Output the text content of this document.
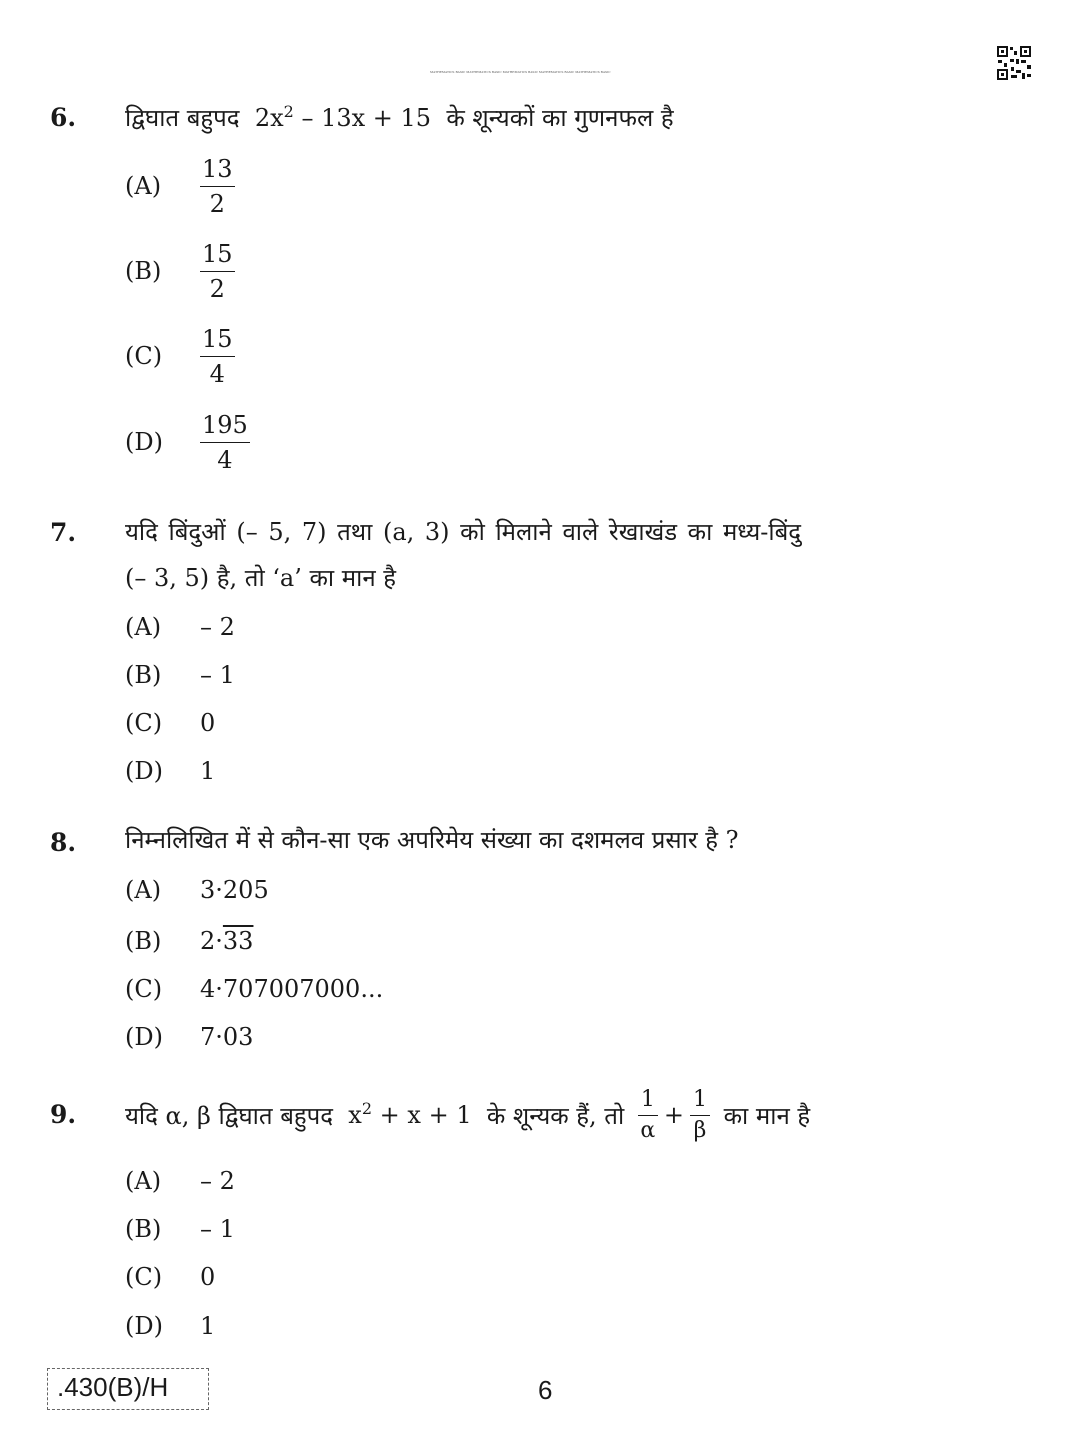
MATHEMATICS BASIC MATHEMATICS BASIC MATHEMATICS BASIC MATHEMATICS BASIC MATHEMATICS BASIC
6. द्विघात बहुपद $2x^2 - 13x + 15$ के शून्यकों का गुणनफल है
$(A) \frac{13}{2}$
$(B) \frac{15}{2}$
$(C) \frac{15}{4}$
$(D) \frac{195}{4}$
7. यदि बिंदुओं (– 5, 7) तथा (a, 3) को मिलाने वाले रेखाखंड का मध्य-बिंदु
(– 3, 5) है, तो ‘a’ का मान है
(A) – 2
(B) – 1
(C) 0
(D) 1
8. निम्नलिखित में से कौन-सा एक अपरिमेय संख्या का दशमलव प्रसार है ?
(A) 3·205
(B) 2·33
(C) 4·707007000...
(D) 7·03
9. यदि α, β द्विघात बहुपद
$x^2 + x + 1$
के शून्यक हैं, तो
$\frac{1}{\alpha} + \frac{1}{\beta}$
का मान है
(A) – 2
(B) – 1
(C) 0
(D) 1
.430(B)/H	6
